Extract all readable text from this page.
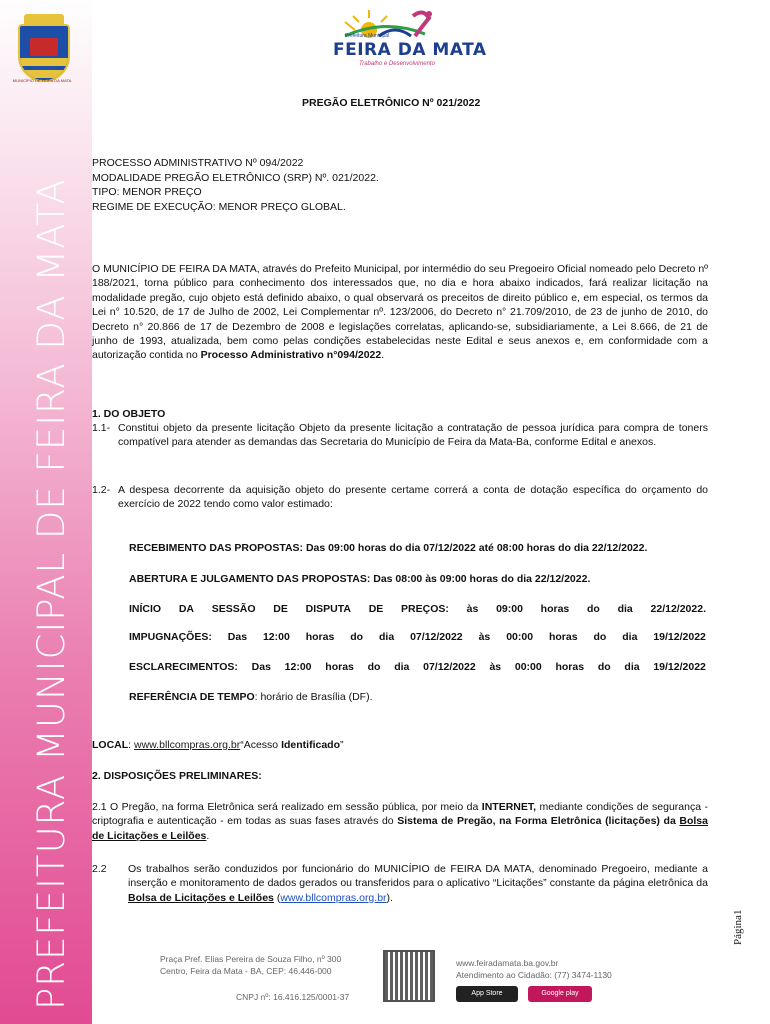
MUNICÍPIO DE FEIRA DA MATA
PREFEITURA MUNICIPAL DE FEIRA DA MATA
Prefeitura Municipal
FEIRA DA MATA
Trabalho e Desenvolvimento
PREGÃO ELETRÔNICO Nº 021/2022
PROCESSO ADMINISTRATIVO Nº 094/2022
MODALIDADE PREGÃO ELETRÔNICO (SRP) Nº. 021/2022.
TIPO: MENOR PREÇO
REGIME DE EXECUÇÃO: MENOR PREÇO GLOBAL.
O MUNICÍPIO DE FEIRA DA MATA, através do Prefeito Municipal, por intermédio do seu Pregoeiro Oficial nomeado pelo Decreto nº 188/2021, torna público para conhecimento dos interessados que, no dia e hora abaixo indicados, fará realizar licitação na modalidade pregão, cujo objeto está definido abaixo, o qual observará os preceitos de direito público e, em especial, os termos da Lei n° 10.520, de 17 de Julho de 2002, Lei Complementar nº. 123/2006, do Decreto n° 21.709/2010, de 23 de junho de 2010, do Decreto n° 20.866 de 17 de Dezembro de 2008 e legislações correlatas, aplicando-se, subsidiariamente, a Lei 8.666, de 21 de junho de 1993, atualizada, bem como pelas condições estabelecidas neste Edital e seus anexos e, em conformidade com a autorização contida no Processo Administrativo n°094/2022.
1. DO OBJETO
1.1- Constitui objeto da presente licitação Objeto da presente licitação a contratação de pessoa jurídica para compra de toners compatível para atender as demandas das Secretaria do Município de Feira da Mata-Ba, conforme Edital e anexos.
1.2- A despesa decorrente da aquisição objeto do presente certame correrá a conta de dotação específica do orçamento do exercício de 2022 tendo como valor estimado:
RECEBIMENTO DAS PROPOSTAS: Das 09:00 horas do dia 07/12/2022 até 08:00 horas do dia 22/12/2022.
ABERTURA E JULGAMENTO DAS PROPOSTAS: Das 08:00 às 09:00 horas do dia 22/12/2022.
INÍCIO DA SESSÃO DE DISPUTA DE PREÇOS: às 09:00 horas do dia 22/12/2022.
IMPUGNAÇÕES: Das 12:00 horas do dia 07/12/2022 às 00:00 horas do dia 19/12/2022
ESCLARECIMENTOS: Das 12:00 horas do dia 07/12/2022 às 00:00 horas do dia 19/12/2022
REFERÊNCIA DE TEMPO: horário de Brasília (DF).
LOCAL: www.bllcompras.org.br“Acesso Identificado”
2. DISPOSIÇÕES PRELIMINARES:
2.1 O Pregão, na forma Eletrônica será realizado em sessão pública, por meio da INTERNET, mediante condições de segurança - criptografia e autenticação - em todas as suas fases através do Sistema de Pregão, na Forma Eletrônica (licitações) da Bolsa de Licitações e Leilões.
2.2 Os trabalhos serão conduzidos por funcionário do MUNICÍPIO de FEIRA DA MATA, denominado Pregoeiro, mediante a inserção e monitoramento de dados gerados ou transferidos para o aplicativo “Licitações” constante da página eletrônica da Bolsa de Licitações e Leilões (www.bllcompras.org.br).
Página1
Praça Pref. Elias Pereira de Souza Filho, nº 300
Centro, Feira da Mata - BA, CEP: 46.446-000
CNPJ nº: 16.416.125/0001-37
www.feiradamata.ba.gov.br
Atendimento ao Cidadão: (77) 3474-1130
App Store	Google play
